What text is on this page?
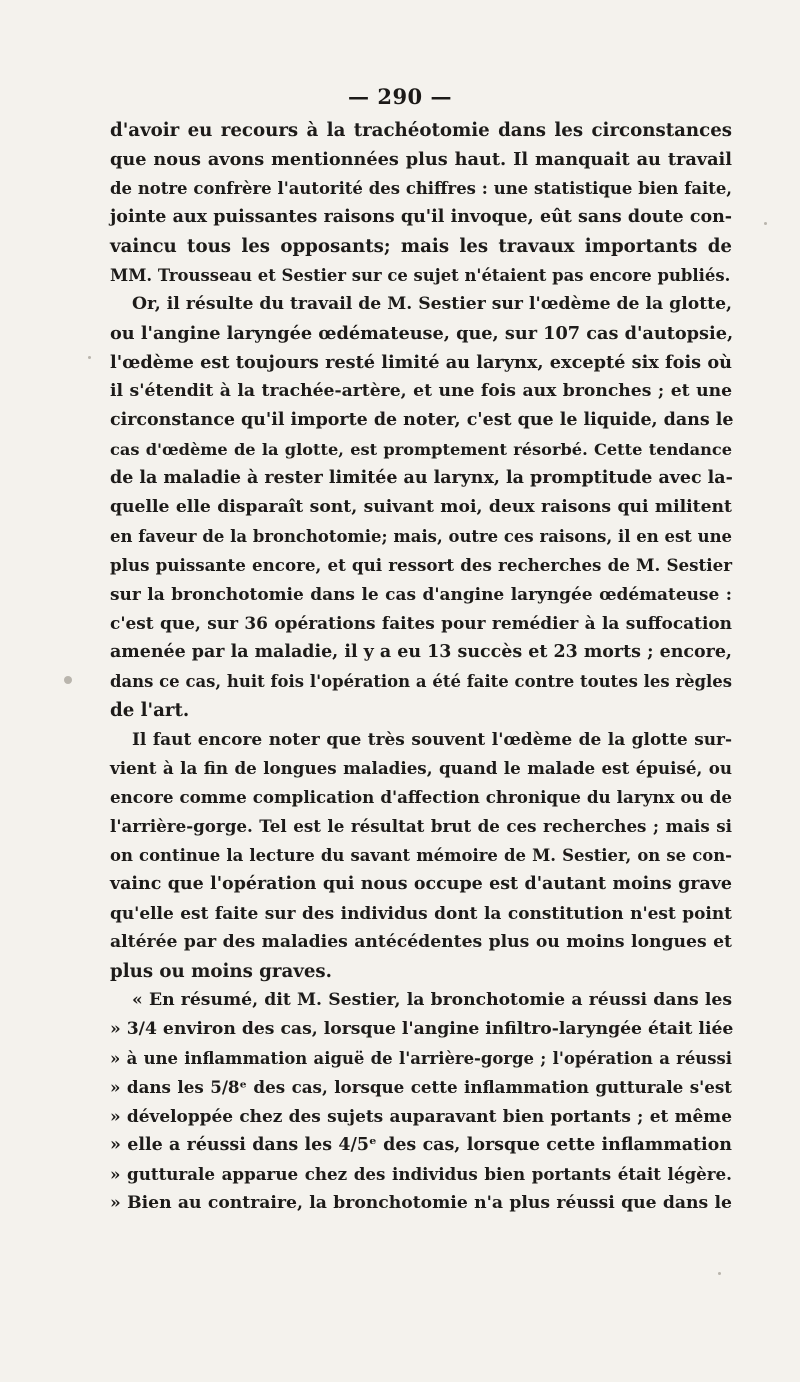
— 290 —
d'avoir eu recours à la trachéotomie dans les circonstances
que nous avons mentionnées plus haut. Il manquait au travail
de notre confrère l'autorité des chiffres : une statistique bien faite,
jointe aux puissantes raisons qu'il invoque, eût sans doute con-
vaincu tous les opposants; mais les travaux importants de
MM. Trousseau et Sestier sur ce sujet n'étaient pas encore publiés.
Or, il résulte du travail de M. Sestier sur l'œdème de la glotte,
ou l'angine laryngée œdémateuse, que, sur 107 cas d'autopsie,
l'œdème est toujours resté limité au larynx, excepté six fois où
il s'étendit à la trachée-artère, et une fois aux bronches ; et une
circonstance qu'il importe de noter, c'est que le liquide, dans le
cas d'œdème de la glotte, est promptement résorbé. Cette tendance
de la maladie à rester limitée au larynx, la promptitude avec la-
quelle elle disparaît sont, suivant moi, deux raisons qui militent
en faveur de la bronchotomie; mais, outre ces raisons, il en est une
plus puissante encore, et qui ressort des recherches de M. Sestier
sur la bronchotomie dans le cas d'angine laryngée œdémateuse :
c'est que, sur 36 opérations faites pour remédier à la suffocation
amenée par la maladie, il y a eu 13 succès et 23 morts ; encore,
dans ce cas, huit fois l'opération a été faite contre toutes les règles
de l'art.
Il faut encore noter que très souvent l'œdème de la glotte sur-
vient à la fin de longues maladies, quand le malade est épuisé, ou
encore comme complication d'affection chronique du larynx ou de
l'arrière-gorge. Tel est le résultat brut de ces recherches ; mais si
on continue la lecture du savant mémoire de M. Sestier, on se con-
vainc que l'opération qui nous occupe est d'autant moins grave
qu'elle est faite sur des individus dont la constitution n'est point
altérée par des maladies antécédentes plus ou moins longues et
plus ou moins graves.
« En résumé, dit M. Sestier, la bronchotomie a réussi dans les
» 3/4 environ des cas, lorsque l'angine infiltro-laryngée était liée
» à une inflammation aiguë de l'arrière-gorge ; l'opération a réussi
» dans les 5/8ᵉ des cas, lorsque cette inflammation gutturale s'est
» développée chez des sujets auparavant bien portants ; et même
» elle a réussi dans les 4/5ᵉ des cas, lorsque cette inflammation
» gutturale apparue chez des individus bien portants était légère.
» Bien au contraire, la bronchotomie n'a plus réussi que dans le
